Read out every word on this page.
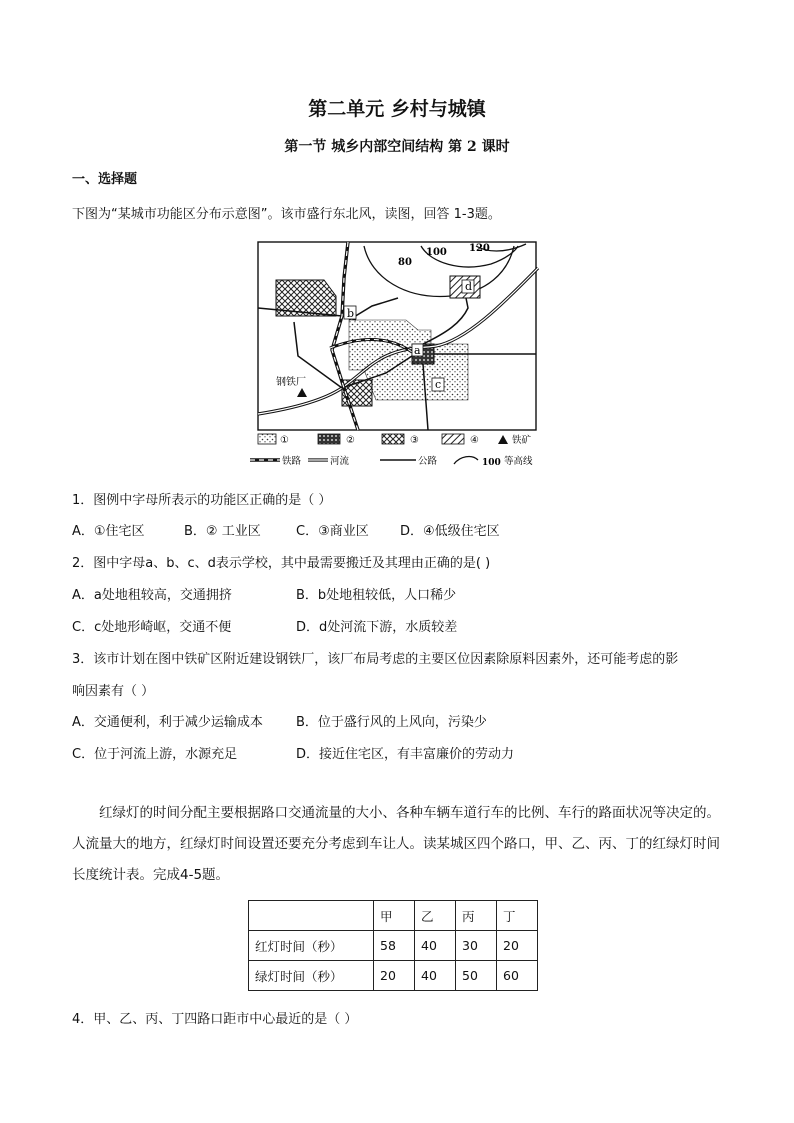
第二单元 乡村与城镇
第一节 城乡内部空间结构 第 2 课时
一、选择题
下图为“某城市功能区分布示意图”。该市盛行东北风，读图，回答 1-3题。
80
100 120
b
a
c
d
钢铁厂
①	②	③	④	铁矿
铁路	河流	公路	100 等高线
1．图例中字母所表示的功能区正确的是（ ）
A．①住宅区	B．② 工业区	C．③商业区 D．④低级住宅区
2．图中字母a、b、c、d表示学校，其中最需要搬迁及其理由正确的是( )
A．a处地租较高，交通拥挤	B．b处地租较低，人口稀少
C．c处地形崎岖，交通不便	D．d处河流下游，水质较差
3．该市计划在图中铁矿区附近建设钢铁厂，该厂布局考虑的主要区位因素除原料因素外，还可能考虑的影
响因素有（ ）
A．交通便利，利于减少运输成本	B．位于盛行风的上风向，污染少
C．位于河流上游，水源充足	D．接近住宅区，有丰富廉价的劳动力
红绿灯的时间分配主要根据路口交通流量的大小、各种车辆车道行车的比例、车行的路面状况等决定的。人流量大的地方，红绿灯时间设置还要充分考虑到车让人。读某城区四个路口，甲、乙、丙、丁的红绿灯时间长度统计表。完成4-5题。
	甲	乙	丙	丁
红灯时间（秒）	58	40	30	20
绿灯时间（秒）	20	40	50	60
4．甲、乙、丙、丁四路口距市中心最近的是（ ）
